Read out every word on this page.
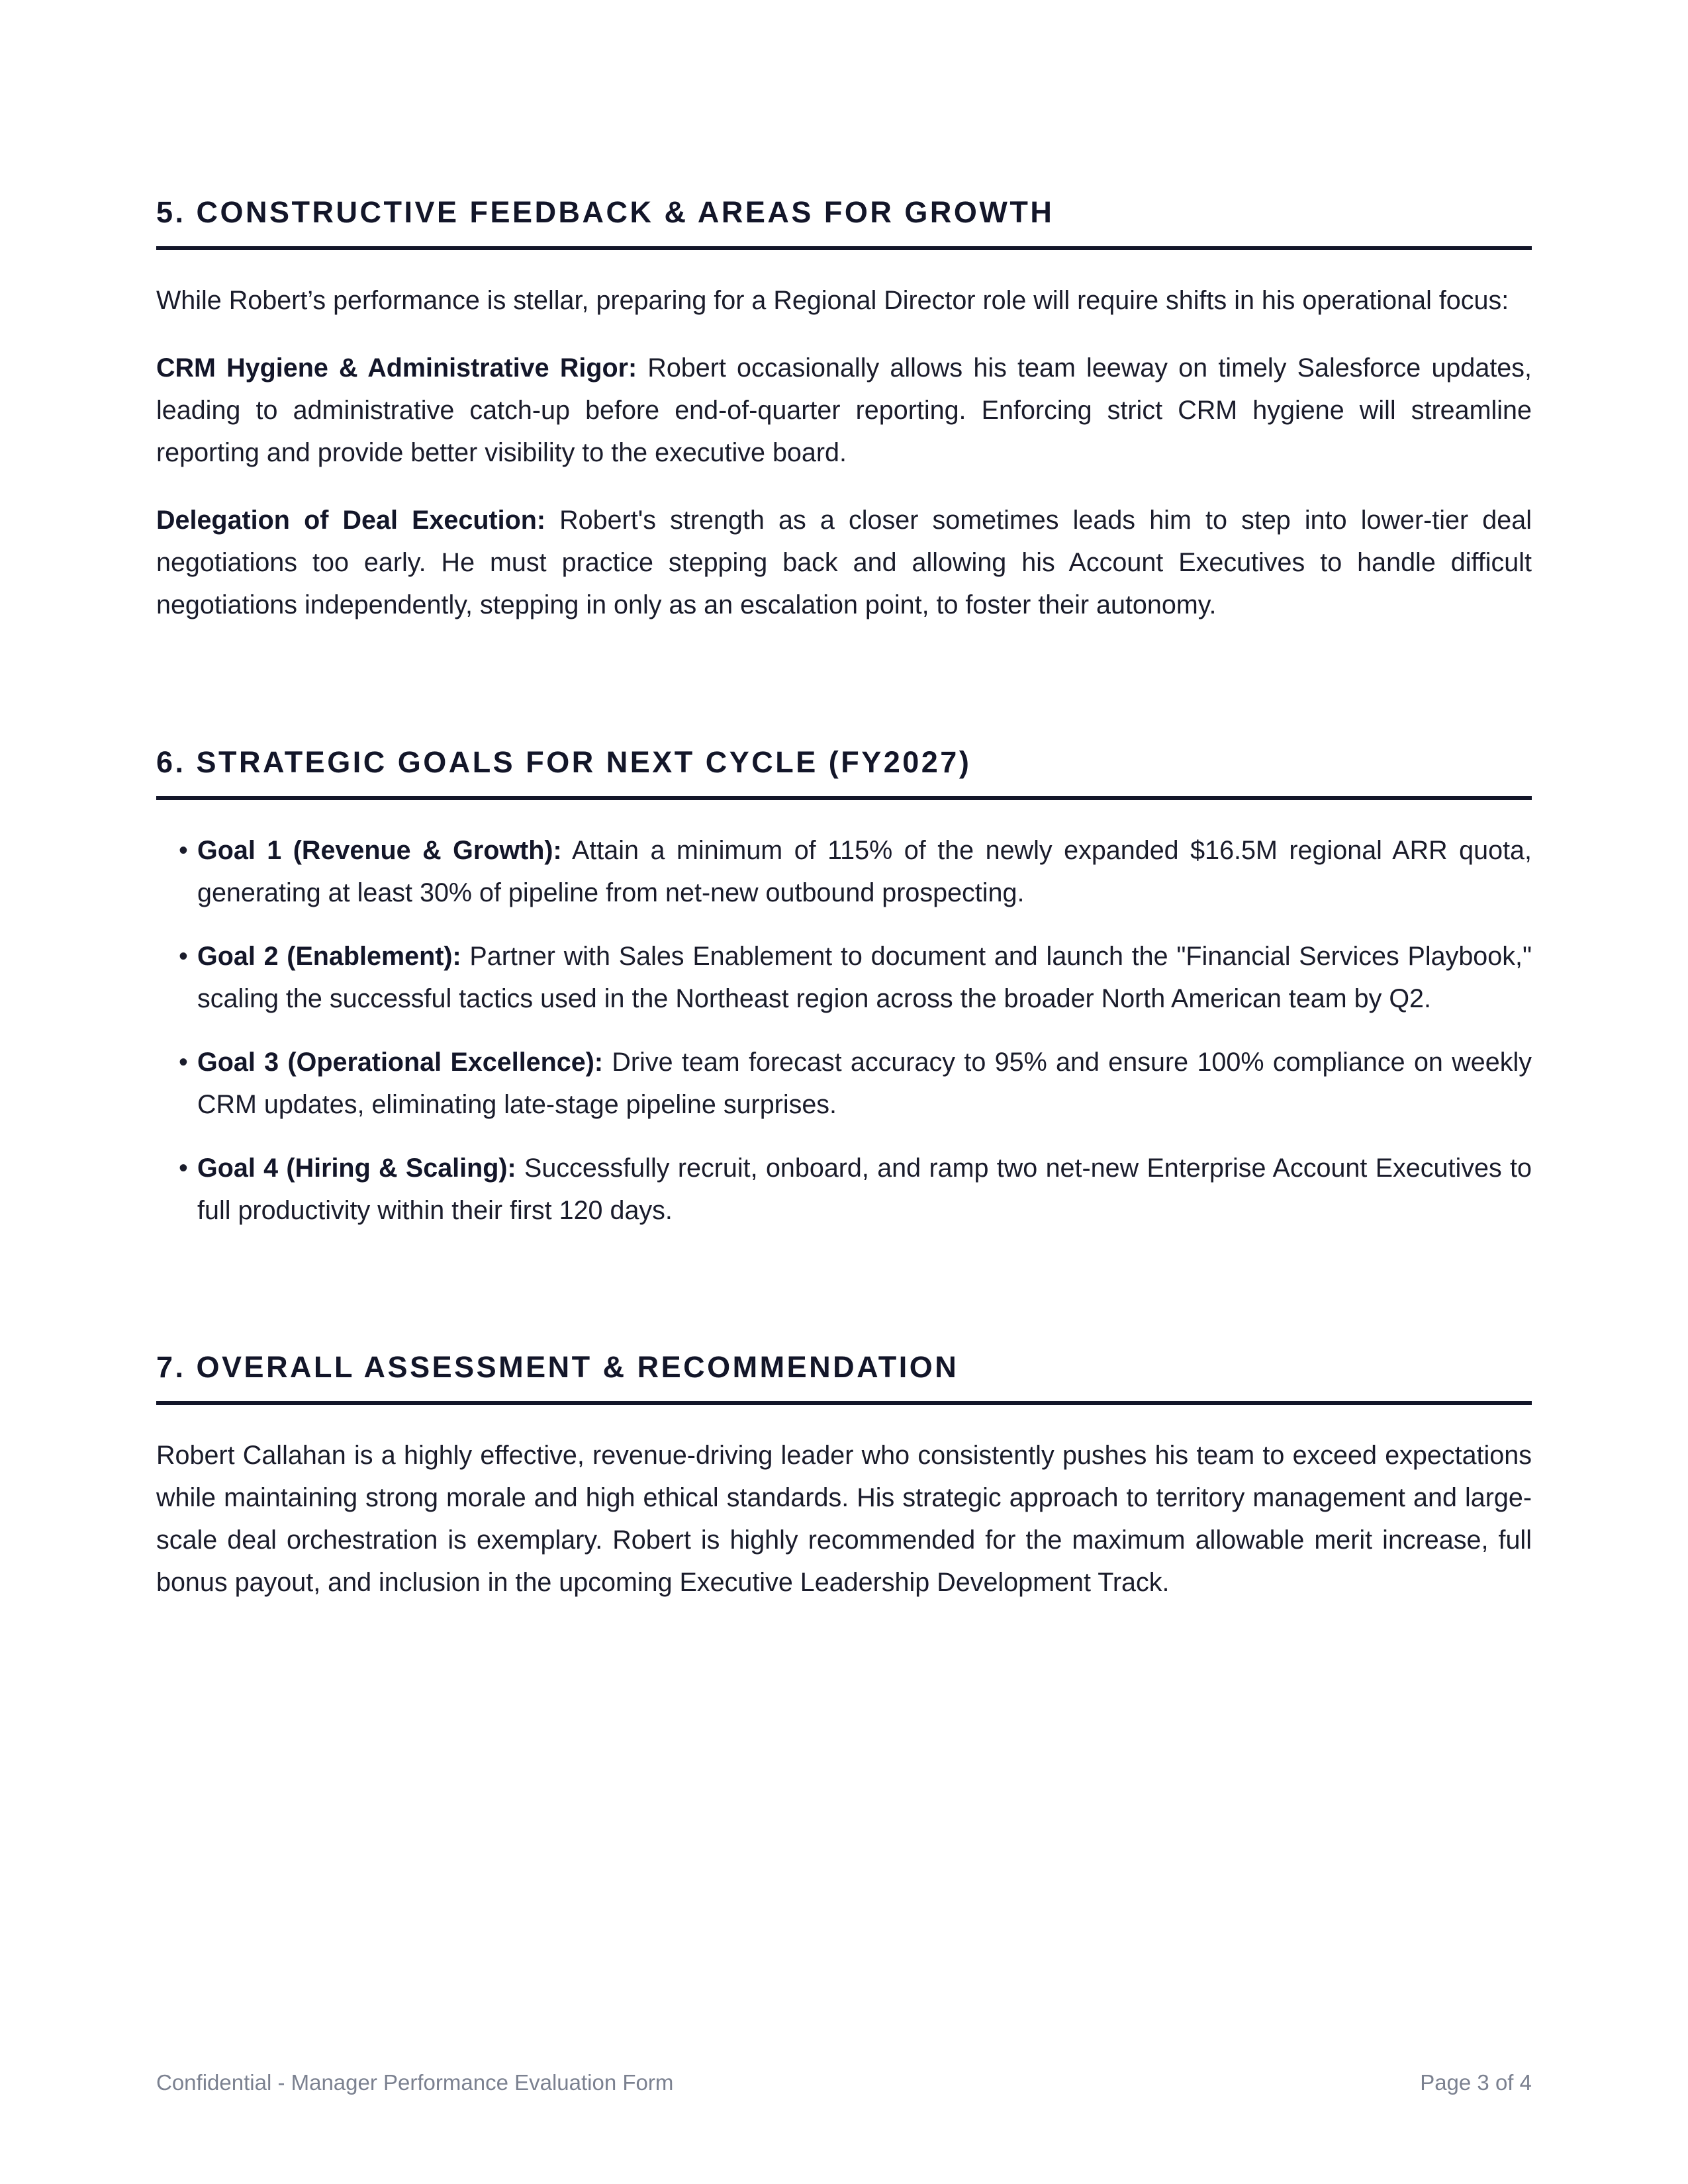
5. CONSTRUCTIVE FEEDBACK & AREAS FOR GROWTH

While Robert’s performance is stellar, preparing for a Regional Director role will require shifts in his operational focus:

CRM Hygiene & Administrative Rigor: Robert occasionally allows his team leeway on timely Salesforce updates, leading to administrative catch-up before end-of-quarter reporting. Enforcing strict CRM hygiene will streamline reporting and provide better visibility to the executive board.

Delegation of Deal Execution: Robert's strength as a closer sometimes leads him to step into lower-tier deal negotiations too early. He must practice stepping back and allowing his Account Executives to handle difficult negotiations independently, stepping in only as an escalation point, to foster their autonomy.

6. STRATEGIC GOALS FOR NEXT CYCLE (FY2027)
• Goal 1 (Revenue & Growth): Attain a minimum of 115% of the newly expanded $16.5M regional ARR quota, generating at least 30% of pipeline from net-new outbound prospecting.
• Goal 2 (Enablement): Partner with Sales Enablement to document and launch the "Financial Services Playbook," scaling the successful tactics used in the Northeast region across the broader North American team by Q2.
• Goal 3 (Operational Excellence): Drive team forecast accuracy to 95% and ensure 100% compliance on weekly CRM updates, eliminating late-stage pipeline surprises.
• Goal 4 (Hiring & Scaling): Successfully recruit, onboard, and ramp two net-new Enterprise Account Executives to full productivity within their first 120 days.
7. OVERALL ASSESSMENT & RECOMMENDATION

Robert Callahan is a highly effective, revenue-driving leader who consistently pushes his team to exceed expectations while maintaining strong morale and high ethical standards. His strategic approach to territory management and large-scale deal orchestration is exemplary. Robert is highly recommended for the maximum allowable merit increase, full bonus payout, and inclusion in the upcoming Executive Leadership Development Track.

Confidential - Manager Performance Evaluation Form	Page 3 of 4
